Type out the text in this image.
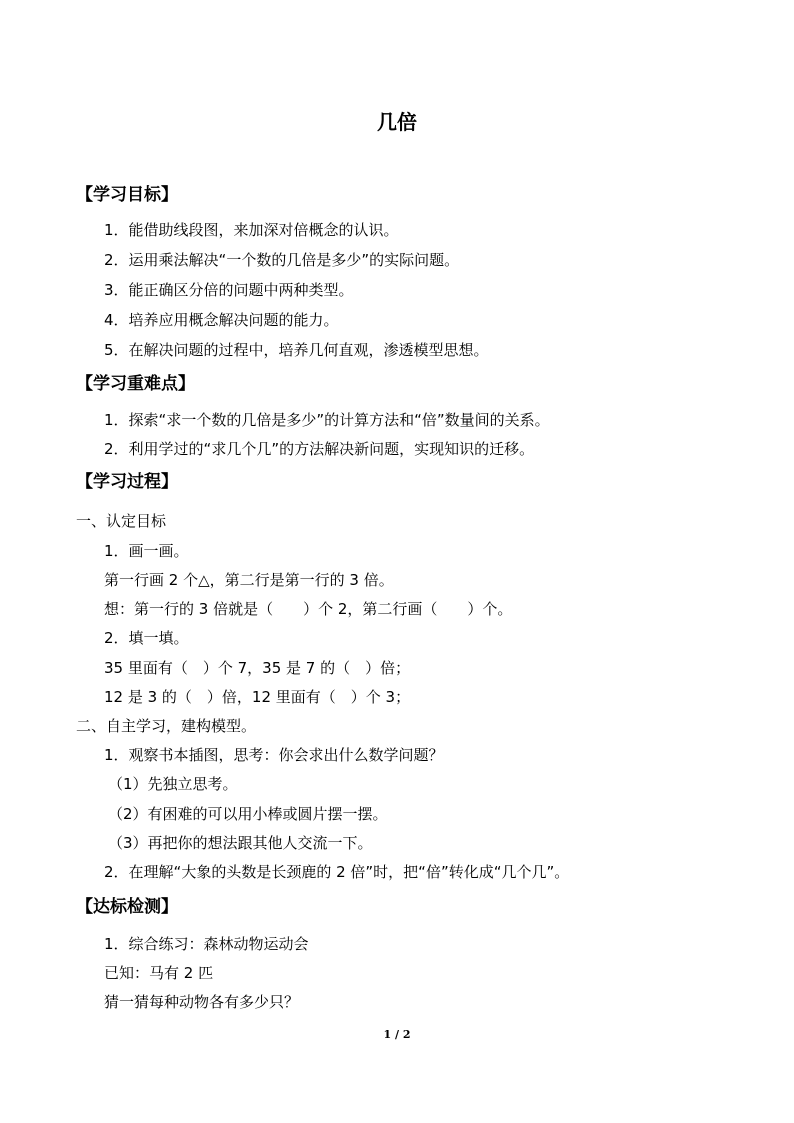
几倍
【学习目标】
1．能借助线段图，来加深对倍概念的认识。
2．运用乘法解决“一个数的几倍是多少”的实际问题。
3．能正确区分倍的问题中两种类型。
4．培养应用概念解决问题的能力。
5．在解决问题的过程中，培养几何直观，渗透模型思想。
【学习重难点】
1．探索“求一个数的几倍是多少”的计算方法和“倍”数量间的关系。
2．利用学过的“求几个几”的方法解决新问题，实现知识的迁移。
【学习过程】
一、认定目标
1．画一画。
第一行画 2 个△，第二行是第一行的 3 倍。
想：第一行的 3 倍就是（　　）个 2，第二行画（　　）个。
2．填一填。
35 里面有（　）个 7，35 是 7 的（　）倍；
12 是 3 的（　）倍，12 里面有（　）个 3；
二、自主学习，建构模型。
1．观察书本插图，思考：你会求出什么数学问题？
（1）先独立思考。
（2）有困难的可以用小棒或圆片摆一摆。
（3）再把你的想法跟其他人交流一下。
2．在理解“大象的头数是长颈鹿的 2 倍”时，把“倍”转化成“几个几”。
【达标检测】
1．综合练习：森林动物运动会
已知：马有 2 匹
猜一猜每种动物各有多少只？
1 / 2
